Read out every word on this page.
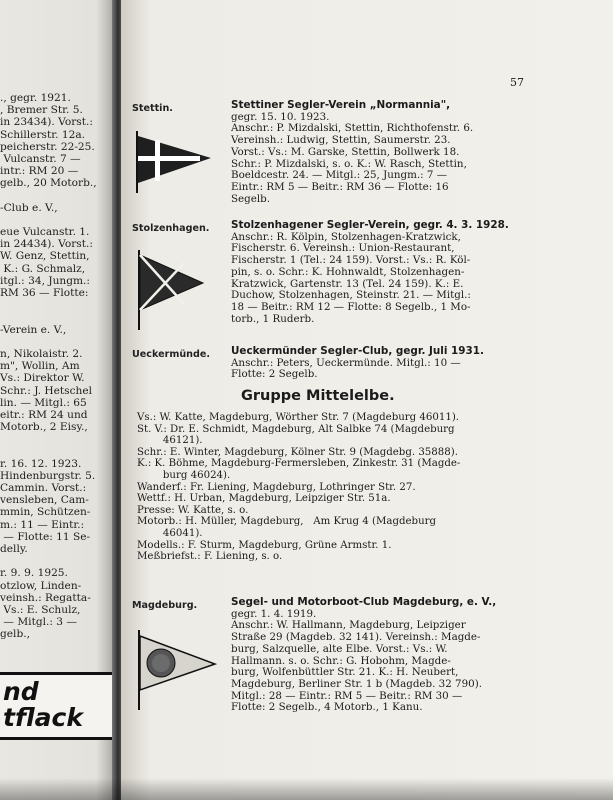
., gegr. 1921.
, Bremer Str. 5.
in 23434). Vorst.:
Schillerstr. 12a.
peicherstr. 22-25.
Vulcanstr. 7 —
intr.: RM 20 —
gelb., 20 Motorb.,
-Club e. V.,
eue Vulcanstr. 1.
in 24434). Vorst.:
W. Genz, Stettin,
K.: G. Schmalz,
itgl.: 34, Jungm.:
RM 36 — Flotte:
-Verein e. V.,
n, Nikolaistr. 2.
m", Wollin, Am
Vs.: Direktor W.
Schr.: J. Hetschel
lin. — Mitgl.: 65
eitr.: RM 24 und
Motorb., 2 Eisy.,
r. 16. 12. 1923.
Hindenburgstr. 5.
Cammin. Vorst.:
vensleben, Cam-
mmin, Schützen-
m.: 11 — Eintr.:
— Flotte: 11 Se-
delly.
r. 9. 9. 1925.
otzlow, Linden-
veinsh.: Regatta-
Vs.: E. Schulz,
— Mitgl.: 3 —
gelb.,
nd
tflack
57
Stettin.	Stettiner Segler-Verein „Normannia",
gegr. 15. 10. 1923.
Anschr.: P. Mizdalski, Stettin, Richthofenstr. 6.
Vereinsh.: Ludwig, Stettin, Saumerstr. 23.
Vorst.: Vs.: M. Garske, Stettin, Bollwerk 18.
Schr.: P. Mizdalski, s. o. K.: W. Rasch, Stettin,
Boeldcestr. 24. — Mitgl.: 25, Jungm.: 7 —
Eintr.: RM 5 — Beitr.: RM 36 — Flotte: 16
Segelb.
Stolzenhagen. Stolzenhagener Segler-Verein, gegr. 4. 3. 1928.
Anschr.: R. Kölpin, Stolzenhagen-Kratzwick,
Fischerstr. 6. Vereinsh.: Union-Restaurant,
Fischerstr. 1 (Tel.: 24 159). Vorst.: Vs.: R. Köl-
pin, s. o. Schr.: K. Hohnwaldt, Stolzenhagen-
Kratzwick, Gartenstr. 13 (Tel. 24 159). K.: E.
Duchow, Stolzenhagen, Steinstr. 21. — Mitgl.:
18 — Beitr.: RM 12 — Flotte: 8 Segelb., 1 Mo-
torb., 1 Ruderb.
Ueckermünde. Ueckermünder Segler-Club, gegr. Juli 1931.
Anschr.: Peters, Ueckermünde. Mitgl.: 10 —
Flotte: 2 Segelb.
Gruppe Mittelelbe.
Vs.: W. Katte, Magdeburg, Wörther Str. 7 (Magdeburg 46011).
St. V.: Dr. E. Schmidt, Magdeburg, Alt Salbke 74 (Magdeburg
46121).
Schr.: E. Winter, Magdeburg, Kölner Str. 9 (Magdebg. 35888).
K.: K. Böhme, Magdeburg-Fermersleben, Zinkestr. 31 (Magde-
burg 46024).
Wanderf.: Fr. Liening, Magdeburg, Lothringer Str. 27.
Wettf.: H. Urban, Magdeburg, Leipziger Str. 51a.
Presse: W. Katte, s. o.
Motorb.: H. Müller, Magdeburg,   Am Krug 4 (Magdeburg
46041).
Modells.: F. Sturm, Magdeburg, Grüne Armstr. 1.
Meßbriefst.: F. Liening, s. o.
Magdeburg.	Segel- und Motorboot-Club Magdeburg, e. V.,
gegr. 1. 4. 1919.
Anschr.: W. Hallmann, Magdeburg, Leipziger
Straße 29 (Magdeb. 32 141). Vereinsh.: Magde-
burg, Salzquelle, alte Elbe. Vorst.: Vs.: W.
Hallmann. s. o. Schr.: G. Hobohm, Magde-
burg, Wolfenbüttler Str. 21. K.: H. Neubert,
Magdeburg, Berliner Str. 1 b (Magdeb. 32 790).
Mitgl.: 28 — Eintr.: RM 5 — Beitr.: RM 30 —
Flotte: 2 Segelb., 4 Motorb., 1 Kanu.
